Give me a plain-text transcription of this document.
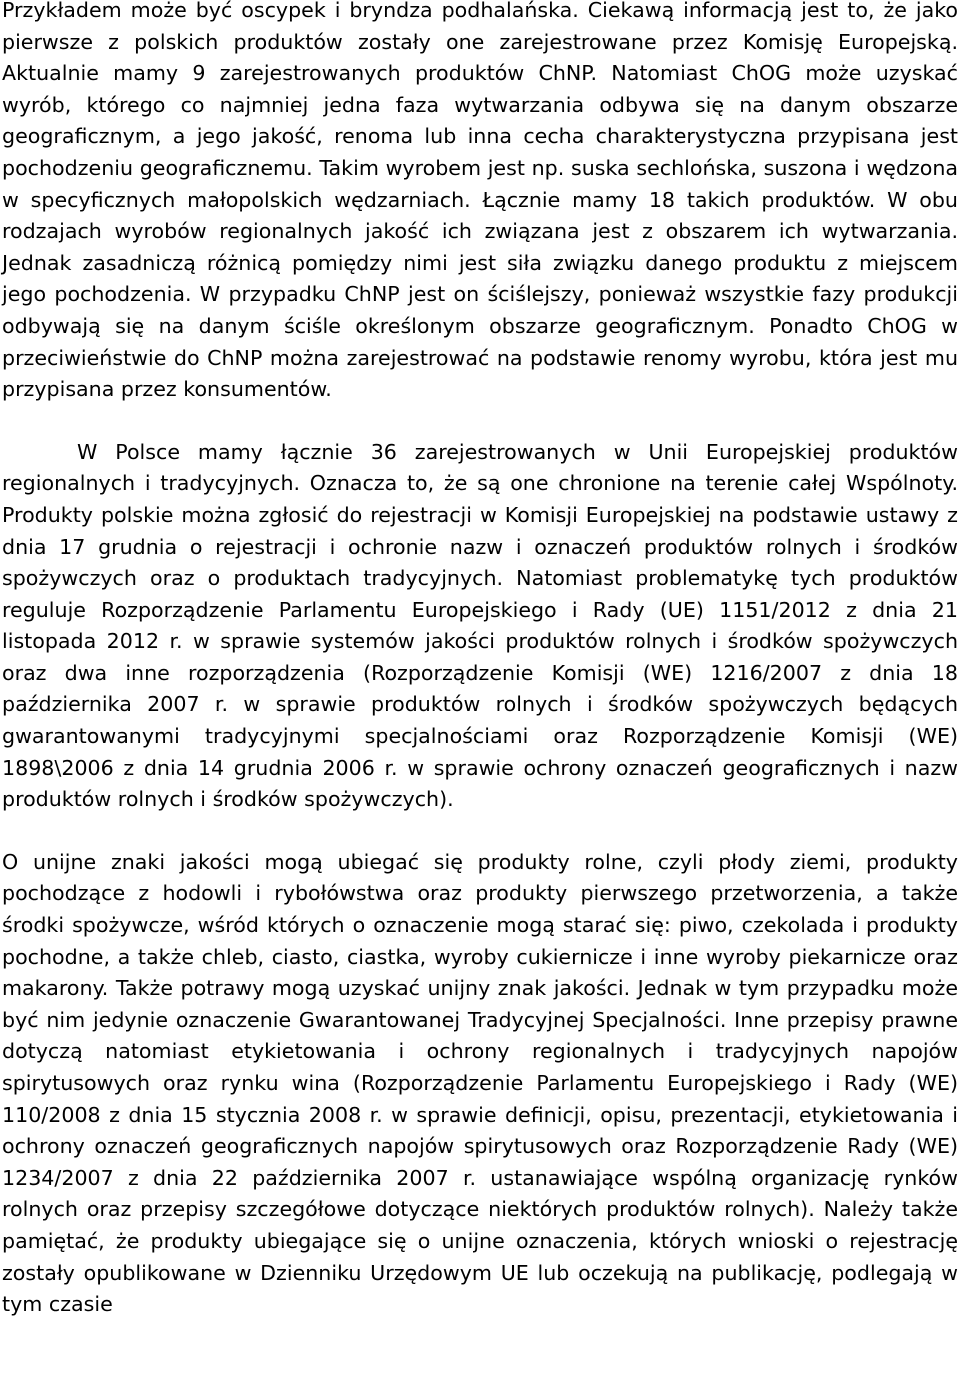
Przykładem może być oscypek i bryndza podhalańska. Ciekawą informacją jest to, że jako pierwsze z polskich produktów zostały one zarejestrowane przez Komisję Europejską. Aktualnie mamy 9 zarejestrowanych produktów ChNP. Natomiast ChOG może uzyskać wyrób, którego co najmniej jedna faza wytwarzania odbywa się na danym obszarze geograficznym, a jego jakość, renoma lub inna cecha charakterystyczna przypisana jest pochodzeniu geograficznemu. Takim wyrobem jest np. suska sechlońska, suszona i wędzona w specyficznych małopolskich wędzarniach. Łącznie mamy 18 takich produktów. W obu rodzajach wyrobów regionalnych jakość ich związana jest z obszarem ich wytwarzania. Jednak zasadniczą różnicą pomiędzy nimi jest siła związku danego produktu z miejscem jego pochodzenia. W przypadku ChNP jest on ściślejszy, ponieważ wszystkie fazy produkcji odbywają się na danym ściśle określonym obszarze geograficznym. Ponadto ChOG w przeciwieństwie do ChNP można zarejestrować na podstawie renomy wyrobu, która jest mu przypisana przez konsumentów.

W Polsce mamy łącznie 36 zarejestrowanych w Unii Europejskiej produktów regionalnych i tradycyjnych. Oznacza to, że są one chronione na terenie całej Wspólnoty. Produkty polskie można zgłosić do rejestracji w Komisji Europejskiej na podstawie ustawy z dnia 17 grudnia o rejestracji i ochronie nazw i oznaczeń produktów rolnych i środków spożywczych oraz o produktach tradycyjnych. Natomiast problematykę tych produktów reguluje Rozporządzenie Parlamentu Europejskiego i Rady (UE) 1151/2012 z dnia 21 listopada 2012 r. w sprawie systemów jakości produktów rolnych i środków spożywczych oraz dwa inne rozporządzenia (Rozporządzenie Komisji (WE) 1216/2007 z dnia 18 października 2007 r. w sprawie produktów rolnych i środków spożywczych będących gwarantowanymi tradycyjnymi specjalnościami oraz Rozporządzenie Komisji (WE) 1898\2006 z dnia 14 grudnia 2006 r. w sprawie ochrony oznaczeń geograficznych i nazw produktów rolnych i środków spożywczych).

O unijne znaki jakości mogą ubiegać się produkty rolne, czyli płody ziemi, produkty pochodzące z hodowli i rybołówstwa oraz produkty pierwszego przetworzenia, a także środki spożywcze, wśród których o oznaczenie mogą starać się: piwo, czekolada i produkty pochodne, a także chleb, ciasto, ciastka, wyroby cukiernicze i inne wyroby piekarnicze oraz makarony. Także potrawy mogą uzyskać unijny znak jakości. Jednak w tym przypadku może być nim jedynie oznaczenie Gwarantowanej Tradycyjnej Specjalności. Inne przepisy prawne dotyczą natomiast etykietowania i ochrony regionalnych i tradycyjnych napojów spirytusowych oraz rynku wina (Rozporządzenie Parlamentu Europejskiego i Rady (WE) 110/2008 z dnia 15 stycznia 2008 r. w sprawie definicji, opisu, prezentacji, etykietowania i ochrony oznaczeń geograficznych napojów spirytusowych oraz Rozporządzenie Rady (WE) 1234/2007 z dnia 22 października 2007 r. ustanawiające wspólną organizację rynków rolnych oraz przepisy szczegółowe dotyczące niektórych produktów rolnych). Należy także pamiętać, że produkty ubiegające się o unijne oznaczenia, których wnioski o rejestrację zostały opublikowane w Dzienniku Urzędowym UE lub oczekują na publikację, podlegają w tym czasie
